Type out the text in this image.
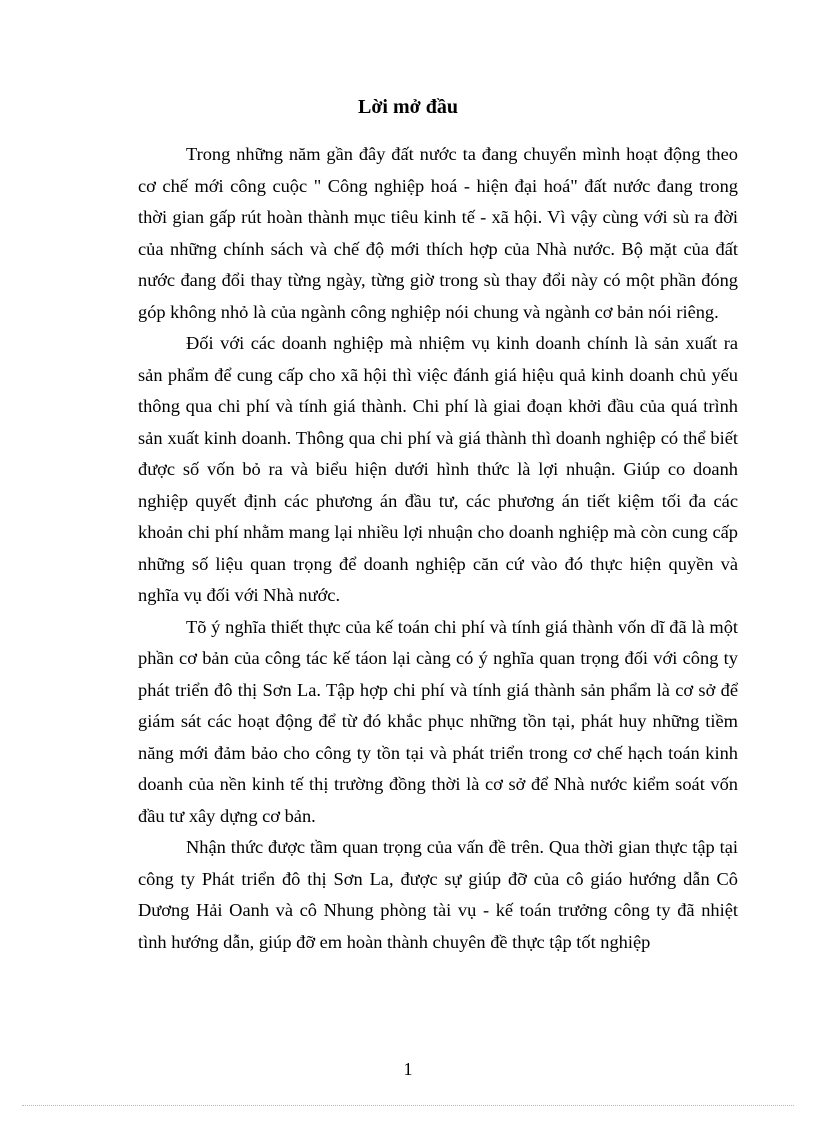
Lời mở đầu

Trong những năm gần đây đất nước ta đang chuyển mình hoạt động theo cơ chế mới công cuộc " Công nghiệp hoá - hiện đại hoá" đất nước đang trong thời gian gấp rút hoàn thành mục tiêu kinh tế - xã hội. Vì vậy cùng với sù ra đời của những chính sách và chế độ mới thích hợp của Nhà nước. Bộ mặt của đất nước đang đổi thay từng ngày, từng giờ trong sù thay đổi này có một phần đóng góp không nhỏ là của ngành công nghiệp nói chung và ngành cơ bản nói riêng.

Đối với các doanh nghiệp mà nhiệm vụ kinh doanh chính là sản xuất ra sản phẩm để cung cấp cho xã hội thì việc đánh giá hiệu quả kinh doanh chủ yếu thông qua chi phí và tính giá thành. Chi phí là giai đoạn khởi đầu của quá trình sản xuất kinh doanh. Thông qua chi phí và giá thành thì doanh nghiệp có thể biết được số vốn bỏ ra và biểu hiện dưới hình thức là lợi nhuận. Giúp co doanh nghiệp quyết định các phương án đầu tư, các phương án tiết kiệm tối đa các khoản chi phí nhằm mang lại nhiều lợi nhuận cho doanh nghiệp mà còn cung cấp những số liệu quan trọng để doanh nghiệp căn cứ vào đó thực hiện quyền và nghĩa vụ đối với Nhà nước.

Tõ ý nghĩa thiết thực của kế toán chi phí và tính giá thành vốn dĩ đã là một phần cơ bản của công tác kế táon lại càng có ý nghĩa quan trọng đối với công ty phát triển đô thị Sơn La. Tập hợp chi phí và tính giá thành sản phẩm là cơ sở để giám sát các hoạt động để từ đó khắc phục những tồn tại, phát huy những tiềm năng mới đảm bảo cho công ty tồn tại và phát triển trong cơ chế hạch toán kinh doanh của nền kinh tế thị trường đồng thời là cơ sở để Nhà nước kiểm soát vốn đầu tư xây dựng cơ bản.

Nhận thức được tầm quan trọng của vấn đề trên. Qua thời gian thực tập tại công ty Phát triển đô thị Sơn La, được sự giúp đỡ của cô giáo hướng dẫn Cô Dương Hải Oanh và cô Nhung phòng tài vụ - kế toán trưởng công ty đã nhiệt tình hướng dẫn, giúp đỡ em hoàn thành chuyên đề thực tập tốt nghiệp

1
